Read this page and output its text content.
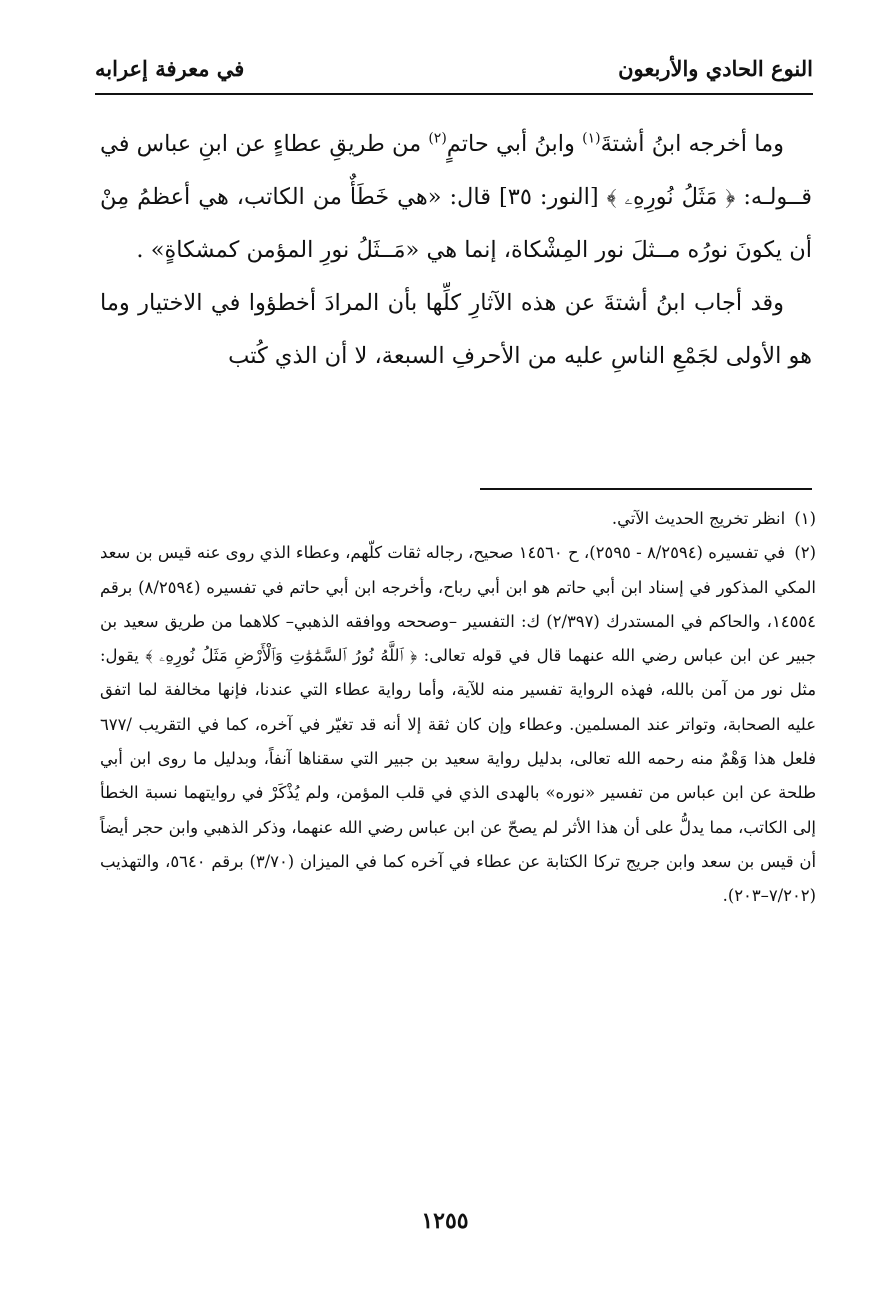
النوع الحادي والأربعون
في معرفة إعرابه

وما أخرجه ابنُ أشتةَ$^{(١)}$ وابنُ أبي حاتمٍ$^{(٢)}$ من طريقِ عطاءٍ عن ابنِ عباس في قــولـه: ﴿ مَثَلُ نُورِهِۦ ﴾ [النور: ٣٥] قال: «هي خَطَأٌ من الكاتب، هي أعظمُ مِنْ أن يكونَ نورُه مــثلَ نور المِشْكاة، إنما هي «مَــثَلُ نورِ المؤمن كمشكاةٍ» .

وقد أجاب ابنُ أشتةَ عن هذه الآثارِ كلِّها بأن المرادَ أخطؤوا في الاختيار وما هو الأولى لجَمْعِ الناسِ عليه من الأحرفِ السبعة، لا أن الذي كُتب

(١) انظر تخريج الحديث الآتي.

(٢) في تفسيره (٨/٢٥٩٤ - ٢٥٩٥)، ح ١٤٥٦٠ صحيح، رجاله ثقات كلّهم، وعطاء الذي روى عنه قيس بن سعد المكي المذكور في إسناد ابن أبي حاتم هو ابن أبي رباح، وأخرجه ابن أبي حاتم في تفسيره (٨/٢٥٩٤) برقم ١٤٥٥٤، والحاكم في المستدرك (٢/٣٩٧) ك: التفسير –وصححه ووافقه الذهبي– كلاهما من طريق سعيد بن جبير عن ابن عباس رضي الله عنهما قال في قوله تعالى: ﴿ ٱللَّهُ نُورُ ٱلسَّمَٰوَٰتِ وَٱلْأَرْضِ مَثَلُ نُورِهِۦ ﴾ يقول: مثل نور من آمن بالله، فهذه الرواية تفسير منه للآية، وأما رواية عطاء التي عندنا، فإنها مخالفة لما اتفق عليه الصحابة، وتواتر عند المسلمين. وعطاء وإن كان ثقة إلا أنه قد تغيّر في آخره، كما في التقريب /٦٧٧ فلعل هذا وَهْمٌ منه رحمه الله تعالى، بدليل رواية سعيد بن جبير التي سقناها آنفاً، وبدليل ما روى ابن أبي طلحة عن ابن عباس من تفسير «نوره» بالهدى الذي في قلب المؤمن، ولم يُذْكَرْ في روايتهما نسبة الخطأ إلى الكاتب، مما يدلُّ على أن هذا الأثر لم يصحّ عن ابن عباس رضي الله عنهما، وذكر الذهبي وابن حجر أيضاً أن قيس بن سعد وابن جريج تركا الكتابة عن عطاء في آخره كما في الميزان (٣/٧٠) برقم ٥٦٤٠، والتهذيب (٧/٢٠٢–٢٠٣).

١٢٥٥
